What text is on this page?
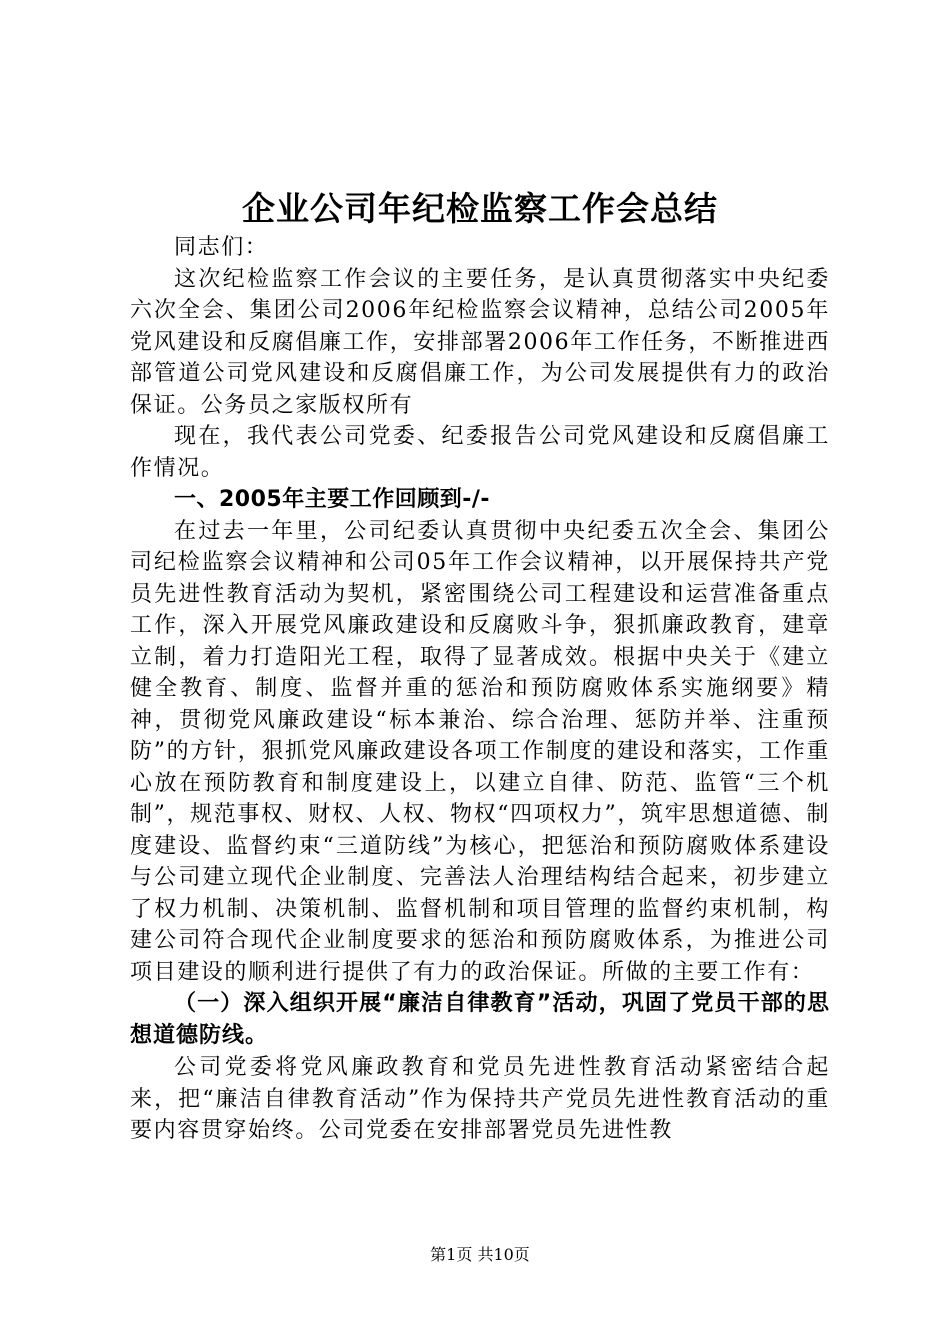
企业公司年纪检监察工作会总结

同志们：

这次纪检监察工作会议的主要任务，是认真贯彻落实中央纪委六次全会、集团公司2006年纪检监察会议精神，总结公司2005年党风建设和反腐倡廉工作，安排部署2006年工作任务，不断推进西部管道公司党风建设和反腐倡廉工作，为公司发展提供有力的政治保证。公务员之家版权所有

现在，我代表公司党委、纪委报告公司党风建设和反腐倡廉工作情况。

一、2005年主要工作回顾到-/-

在过去一年里，公司纪委认真贯彻中央纪委五次全会、集团公司纪检监察会议精神和公司05年工作会议精神，以开展保持共产党员先进性教育活动为契机，紧密围绕公司工程建设和运营准备重点工作，深入开展党风廉政建设和反腐败斗争，狠抓廉政教育，建章立制，着力打造阳光工程，取得了显著成效。根据中央关于《建立健全教育、制度、监督并重的惩治和预防腐败体系实施纲要》精神，贯彻党风廉政建设“标本兼治、综合治理、惩防并举、注重预防”的方针，狠抓党风廉政建设各项工作制度的建设和落实，工作重心放在预防教育和制度建设上，以建立自律、防范、监管“三个机制”，规范事权、财权、人权、物权“四项权力”，筑牢思想道德、制度建设、监督约束“三道防线”为核心，把惩治和预防腐败体系建设与公司建立现代企业制度、完善法人治理结构结合起来，初步建立了权力机制、决策机制、监督机制和项目管理的监督约束机制，构建公司符合现代企业制度要求的惩治和预防腐败体系，为推进公司项目建设的顺利进行提供了有力的政治保证。所做的主要工作有：

（一）深入组织开展“廉洁自律教育”活动，巩固了党员干部的思想道德防线。

公司党委将党风廉政教育和党员先进性教育活动紧密结合起来，把“廉洁自律教育活动”作为保持共产党员先进性教育活动的重要内容贯穿始终。公司党委在安排部署党员先进性教

第1页 共10页
